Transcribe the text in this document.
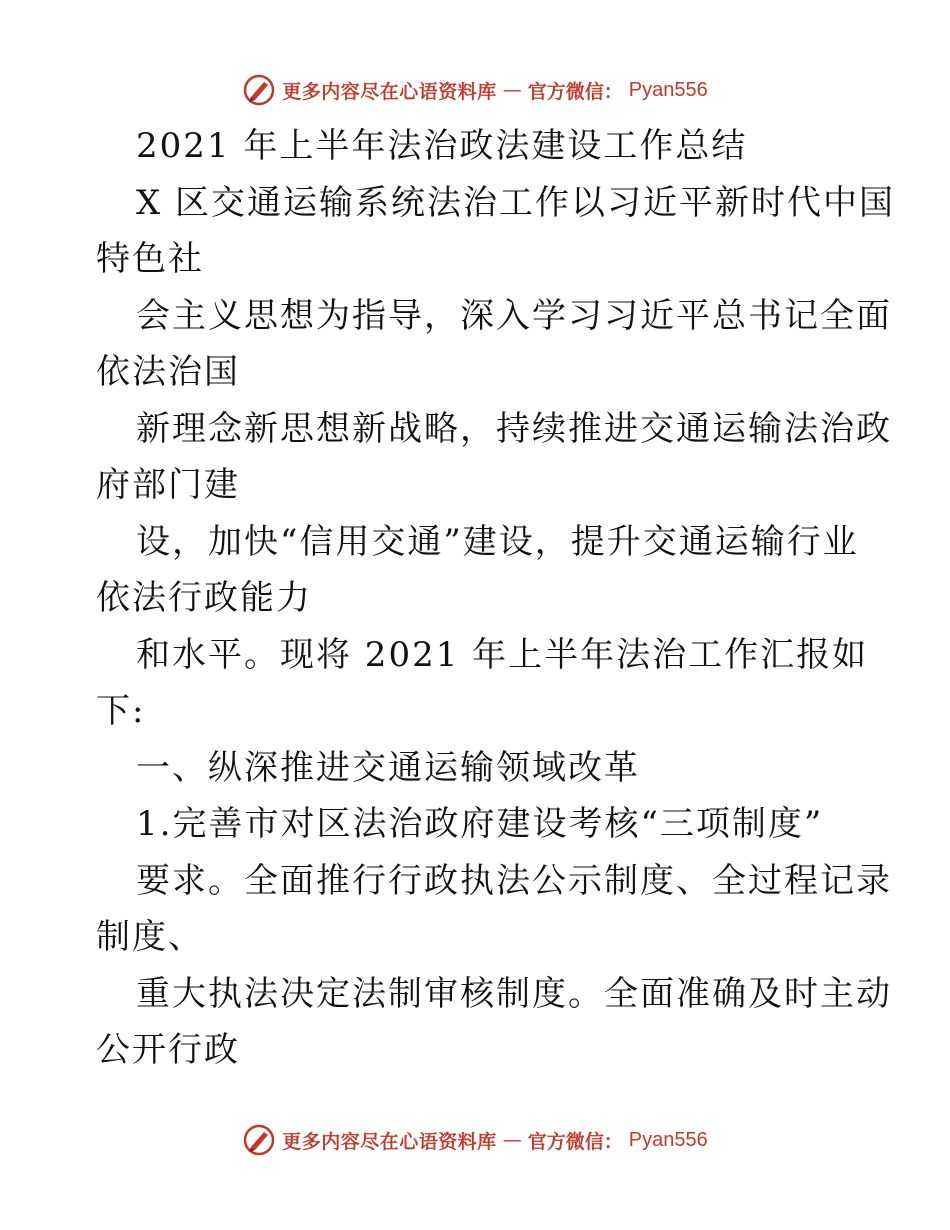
更多内容尽在心语资料库 — 官方微信： Pyan556
2021 年上半年法治政法建设工作总结
X 区交通运输系统法治工作以习近平新时代中国
特色社
会主义思想为指导，深入学习习近平总书记全面
依法治国
新理念新思想新战略，持续推进交通运输法治政
府部门建
设，加快“信用交通”建设，提升交通运输行业
依法行政能力
和水平。现将 2021 年上半年法治工作汇报如
下:
一、纵深推进交通运输领域改革
1.完善市对区法治政府建设考核“三项制度”
要求。全面推行行政执法公示制度、全过程记录
制度、
重大执法决定法制审核制度。全面准确及时主动
公开行政
更多内容尽在心语资料库 — 官方微信： Pyan556
